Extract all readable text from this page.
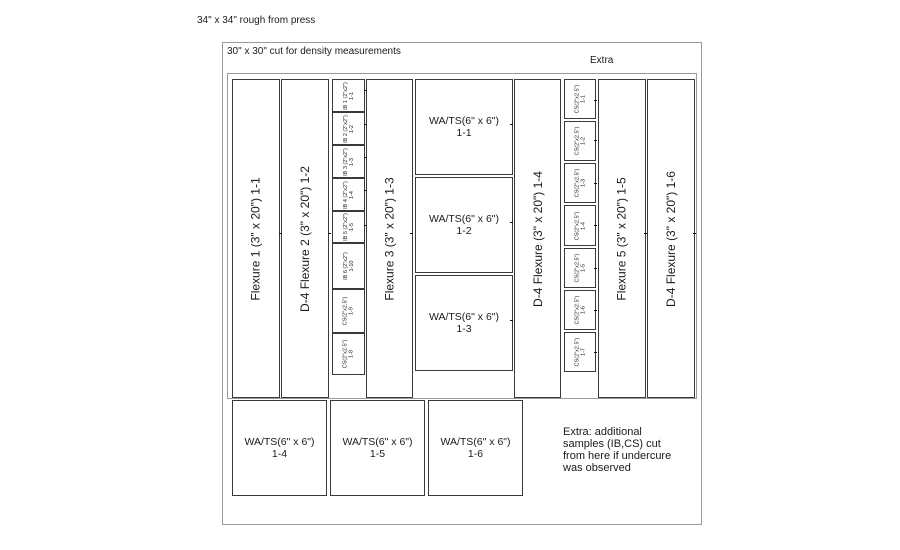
34" x 34" rough from press
30" x 30" cut for density measurements
Extra
Flexure 1 (3" x 20") 1-1	D-4 Flexure 2 (3" x 20") 1-2	Flexure 3 (3" x 20") 1-3	D-4 Flexure (3" x 20") 1-4	Flexure 5 (3" x 20") 1-5	D-4 Flexure (3" x 20") 1-6
IB 1 (2"x2")
1-1
IB 2 (2"x2")
1-2
IB 3 (2"x2")
1-3
IB 4 (2"x2")
1-4
IB 5 (2"x2")
1-5
IB 6 (2"x2")
1-10
CS(2"x2.5")
1-9
CS(2"x2.5")
1-8
WA/TS(6" x 6")
1-1
WA/TS(6" x 6")
1-2
WA/TS(6" x 6")
1-3
CS(2"x2.5")
1-1
CS(2"x2.5")
1-2
CS(2"x2.5")
1-3
CS(2"x2.5")
1-4
CS(2"x2.5")
1-5
CS(2"x2.5")
1-6
CS(2"x2.5")
1-7
WA/TS(6" x 6")
1-4
WA/TS(6" x 6")
1-5
WA/TS(6" x 6")
1-6
Extra: additional
samples (IB,CS) cut
from here if undercure
was observed
